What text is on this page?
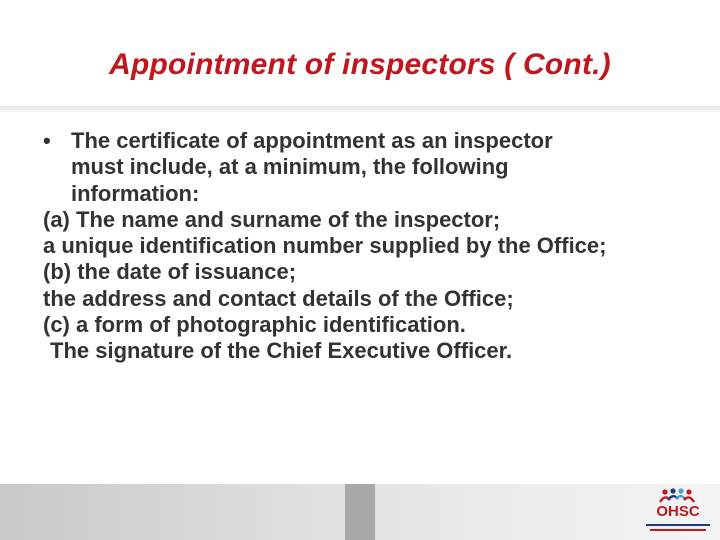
Appointment of inspectors ( Cont.)
• The certificate of appointment as an inspector
must include, at a minimum, the following
information:
(a) The name and surname of the inspector;
a unique identification number supplied by the Office;
(b) the date of issuance;
the address and contact details of the Office;
(c) a form of photographic identification.
The signature of the Chief Executive Officer.
OHSC
